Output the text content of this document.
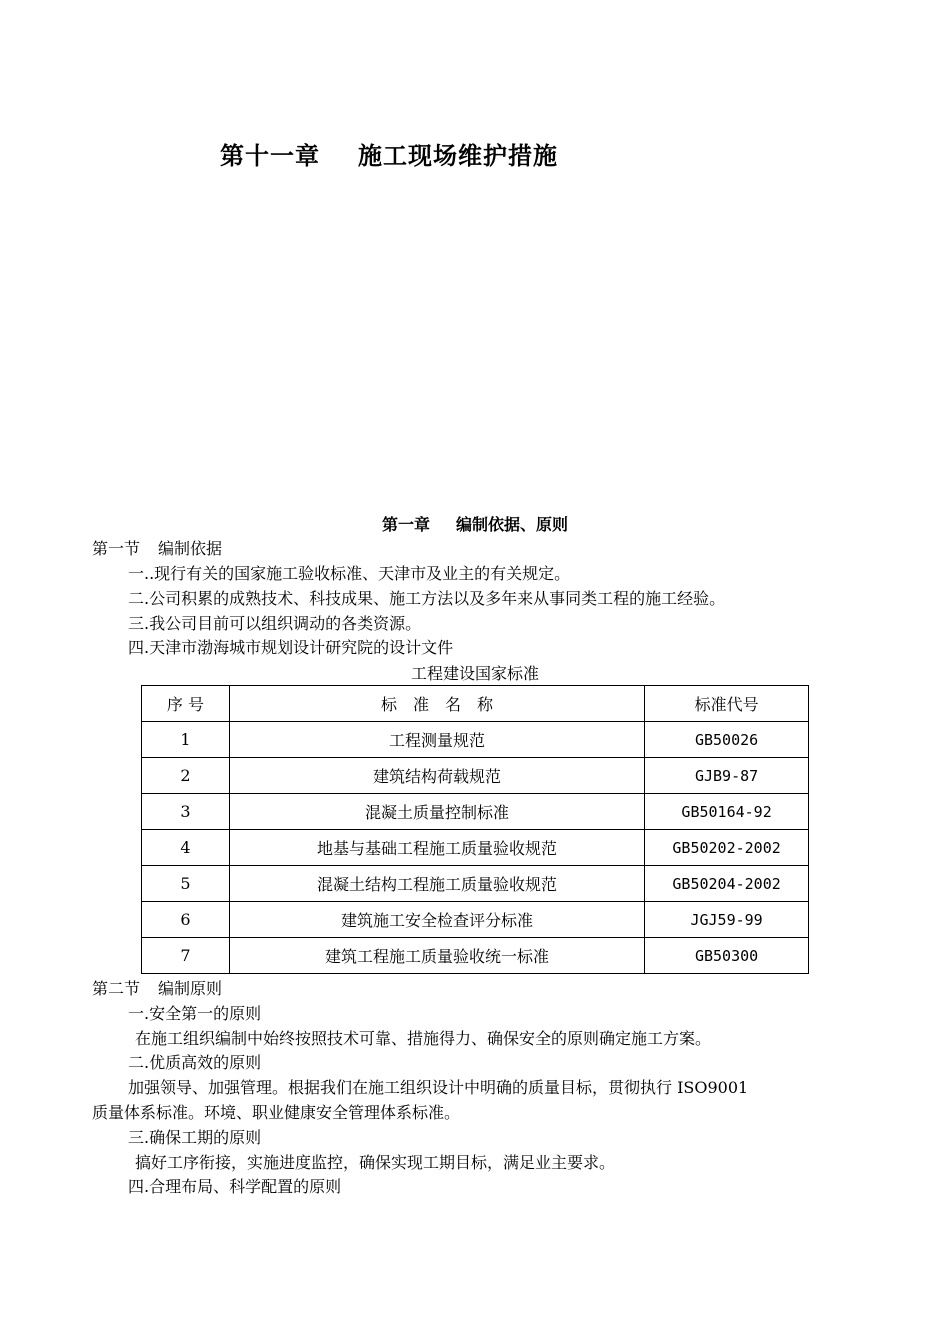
第十一章 施工现场维护措施
第一章 编制依据、原则
第一节 编制依据
一..现行有关的国家施工验收标准、天津市及业主的有关规定。
二.公司积累的成熟技术、科技成果、施工方法以及多年来从事同类工程的施工经验。
三.我公司目前可以组织调动的各类资源。
四.天津市渤海城市规划设计研究院的设计文件
工程建设国家标准
序 号	标　准　名　称	标准代号
1	工程测量规范	GB50026
2	建筑结构荷载规范	GJB9-87
3	混凝土质量控制标准	GB50164-92
4	地基与基础工程施工质量验收规范	GB50202-2002
5	混凝土结构工程施工质量验收规范	GB50204-2002
6	建筑施工安全检查评分标准	JGJ59-99
7	建筑工程施工质量验收统一标准	GB50300
第二节 编制原则
一.安全第一的原则
在施工组织编制中始终按照技术可靠、措施得力、确保安全的原则确定施工方案。
二.优质高效的原则
加强领导、加强管理。根据我们在施工组织设计中明确的质量目标，贯彻执行 ISO9001
质量体系标准。环境、职业健康安全管理体系标准。
三.确保工期的原则
搞好工序衔接，实施进度监控，确保实现工期目标，满足业主要求。
四.合理布局、科学配置的原则
